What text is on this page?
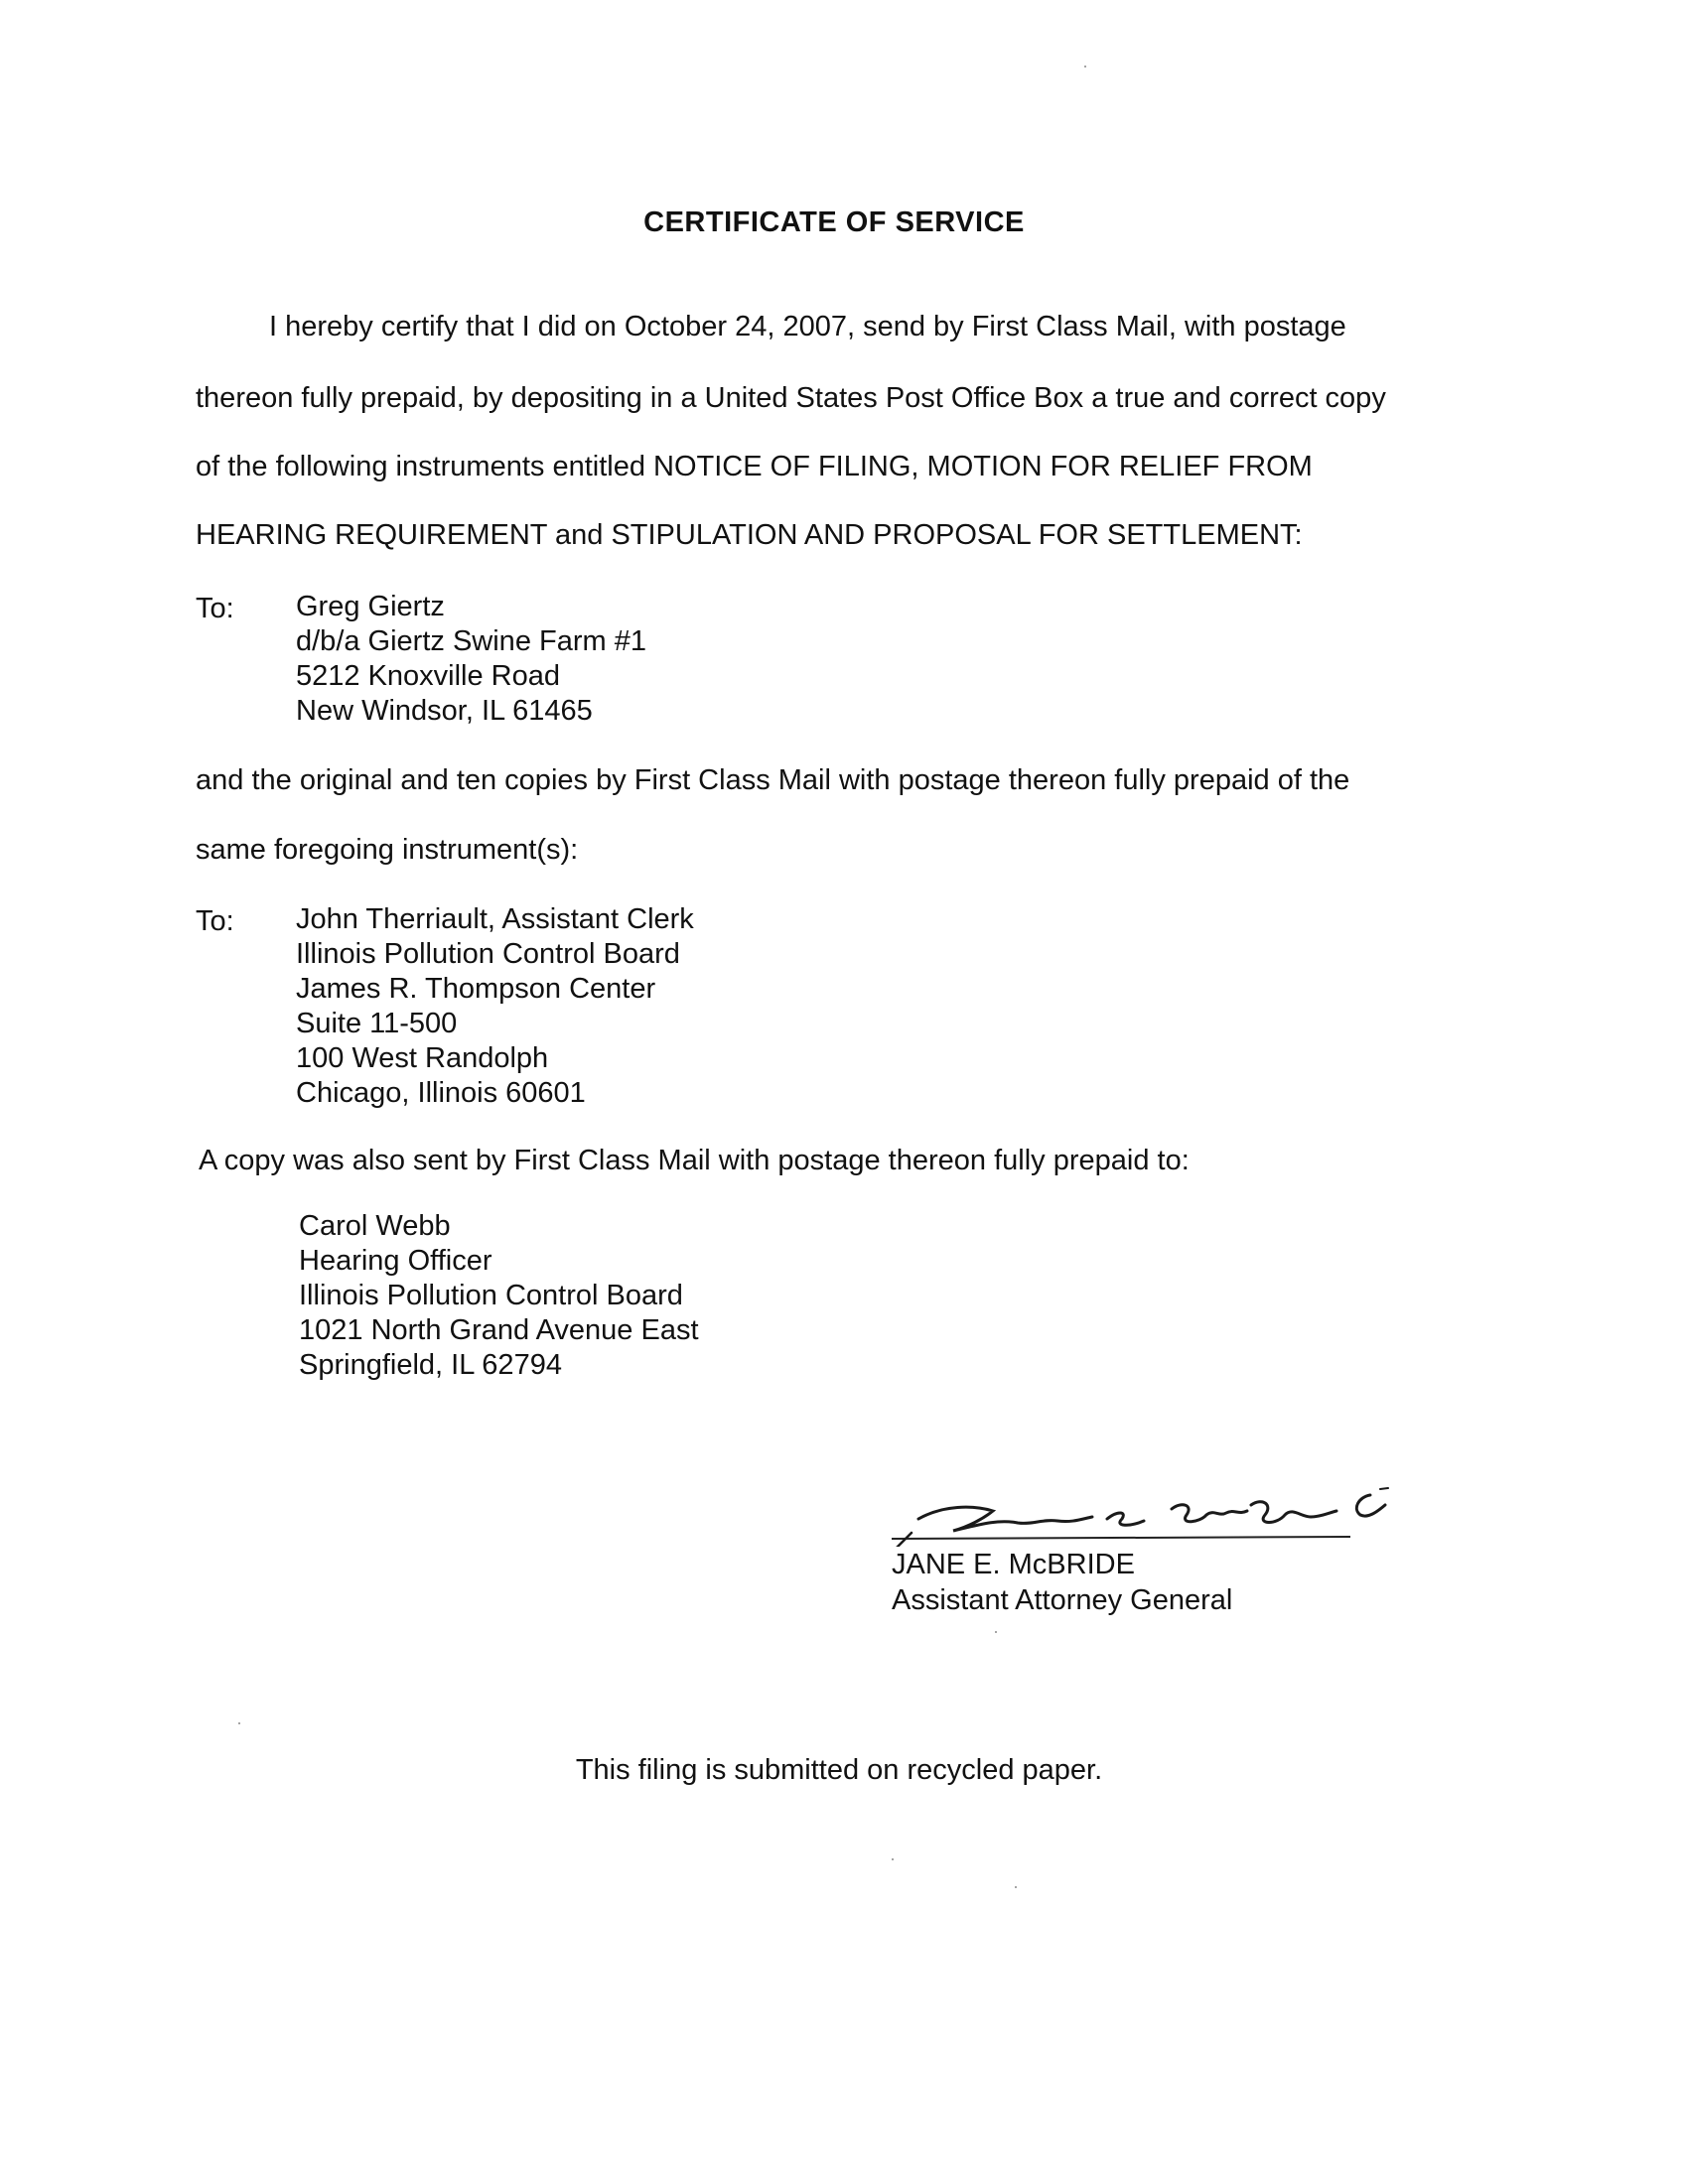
CERTIFICATE OF SERVICE
I hereby certify that I did on October 24, 2007, send by First Class Mail, with postage
thereon fully prepaid, by depositing in a United States Post Office Box a true and correct copy
of the following instruments entitled NOTICE OF FILING, MOTION FOR RELIEF FROM
HEARING REQUIREMENT and STIPULATION AND PROPOSAL FOR SETTLEMENT:
To: Greg Giertz
d/b/a Giertz Swine Farm #1
5212 Knoxville Road
New Windsor, IL 61465
and the original and ten copies by First Class Mail with postage thereon fully prepaid of the
same foregoing instrument(s):
To: John Therriault, Assistant Clerk
Illinois Pollution Control Board
James R. Thompson Center
Suite 11-500
100 West Randolph
Chicago, Illinois 60601
A copy was also sent by First Class Mail with postage thereon fully prepaid to:
Carol Webb
Hearing Officer
Illinois Pollution Control Board
1021 North Grand Avenue East
Springfield, IL 62794
JANE E. McBRIDE
Assistant Attorney General
This filing is submitted on recycled paper.
